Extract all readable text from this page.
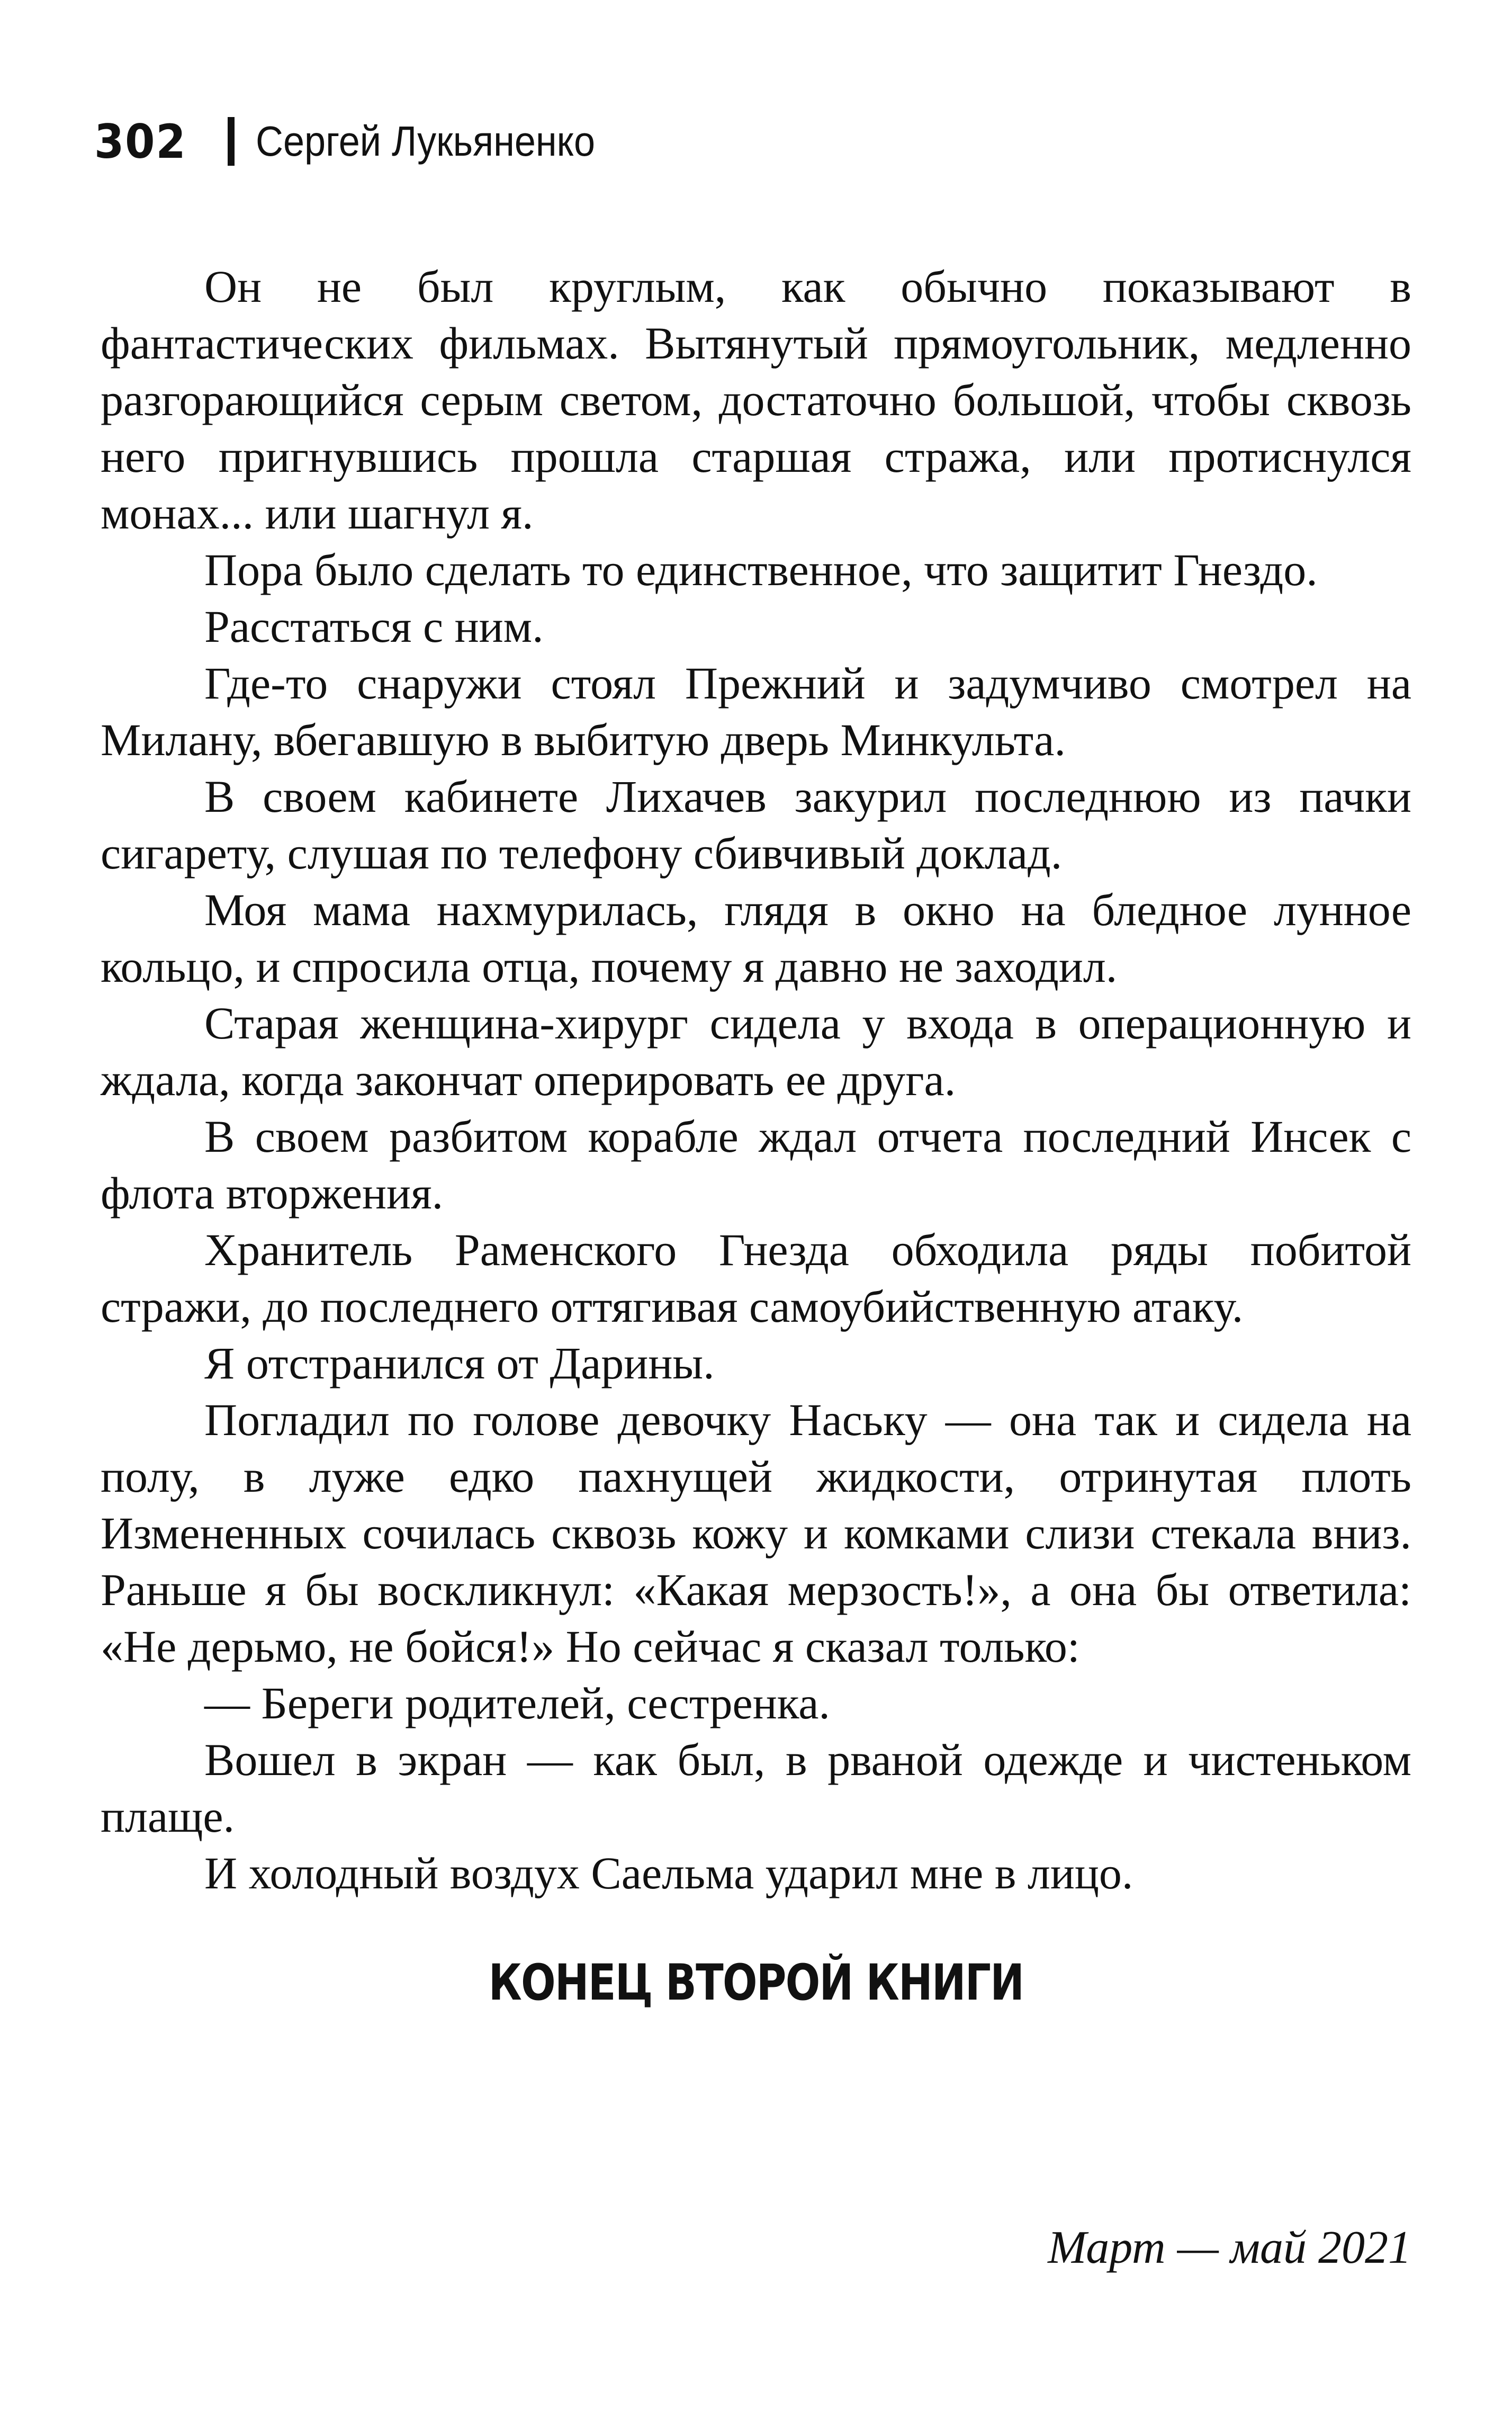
302 Сергей Лукьяненко

Он не был круглым, как обычно показывают в фантастических фильмах. Вытянутый прямоугольник, медленно разгорающийся серым светом, достаточно большой, чтобы сквозь него пригнувшись прошла старшая стража, или протиснулся монах... или шагнул я.

Пора было сделать то единственное, что защитит Гнездо.

Расстаться с ним.

Где-то снаружи стоял Прежний и задумчиво смотрел на Милану, вбегавшую в выбитую дверь Минкульта.

В своем кабинете Лихачев закурил последнюю из пачки сигарету, слушая по телефону сбивчивый доклад.

Моя мама нахмурилась, глядя в окно на бледное лунное кольцо, и спросила отца, почему я давно не заходил.

Старая женщина-хирург сидела у входа в операционную и ждала, когда закончат оперировать ее друга.

В своем разбитом корабле ждал отчета последний Инсек с флота вторжения.

Хранитель Раменского Гнезда обходила ряды побитой стражи, до последнего оттягивая самоубийственную атаку.

Я отстранился от Дарины.

Погладил по голове девочку Наську — она так и сидела на полу, в луже едко пахнущей жидкости, отринутая плоть Измененных сочилась сквозь кожу и комками слизи стекала вниз. Раньше я бы воскликнул: «Какая мерзость!», а она бы ответила: «Не дерьмо, не бойся!» Но сейчас я сказал только:

— Береги родителей, сестренка.

Вошел в экран — как был, в рваной одежде и чистеньком плаще.

И холодный воздух Саельма ударил мне в лицо.

КОНЕЦ ВТОРОЙ КНИГИ
Март — май 2021
